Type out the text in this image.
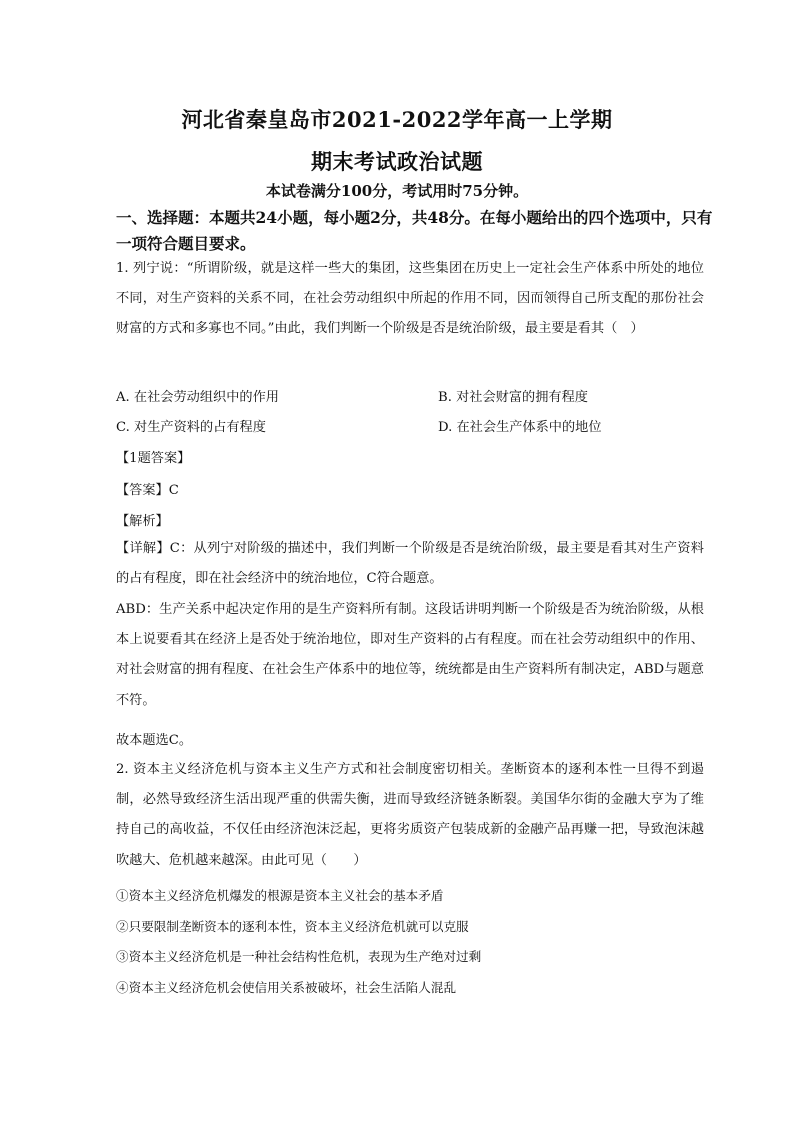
河北省秦皇岛市2021-2022学年高一上学期
期末考试政治试题
本试卷满分100分，考试用时75分钟。
一、选择题：本题共24小题，每小题2分，共48分。在每小题给出的四个选项中，只有一项符合题目要求。
1. 列宁说：“所谓阶级，就是这样一些大的集团，这些集团在历史上一定社会生产体系中所处的地位不同，对生产资料的关系不同，在社会劳动组织中所起的作用不同，因而领得自己所支配的那份社会财富的方式和多寡也不同。”由此，我们判断一个阶级是否是统治阶级，最主要是看其（　）
A. 在社会劳动组织中的作用	B. 对社会财富的拥有程度
C. 对生产资料的占有程度	D. 在社会生产体系中的地位
【1题答案】
【答案】C
【解析】
【详解】C：从列宁对阶级的描述中，我们判断一个阶级是否是统治阶级，最主要是看其对生产资料的占有程度，即在社会经济中的统治地位，C符合题意。
ABD：生产关系中起决定作用的是生产资料所有制。这段话讲明判断一个阶级是否为统治阶级，从根本上说要看其在经济上是否处于统治地位，即对生产资料的占有程度。而在社会劳动组织中的作用、对社会财富的拥有程度、在社会生产体系中的地位等，统统都是由生产资料所有制决定，ABD与题意不符。
故本题选C。
2. 资本主义经济危机与资本主义生产方式和社会制度密切相关。垄断资本的逐利本性一旦得不到遏制，必然导致经济生活出现严重的供需失衡，进而导致经济链条断裂。美国华尔街的金融大亨为了维持自己的高收益，不仅任由经济泡沫泛起，更将劣质资产包装成新的金融产品再赚一把，导致泡沫越吹越大、危机越来越深。由此可见（　　）
①资本主义经济危机爆发的根源是资本主义社会的基本矛盾
②只要限制垄断资本的逐利本性，资本主义经济危机就可以克服
③资本主义经济危机是一种社会结构性危机，表现为生产绝对过剩
④资本主义经济危机会使信用关系被破坏，社会生活陷人混乱
